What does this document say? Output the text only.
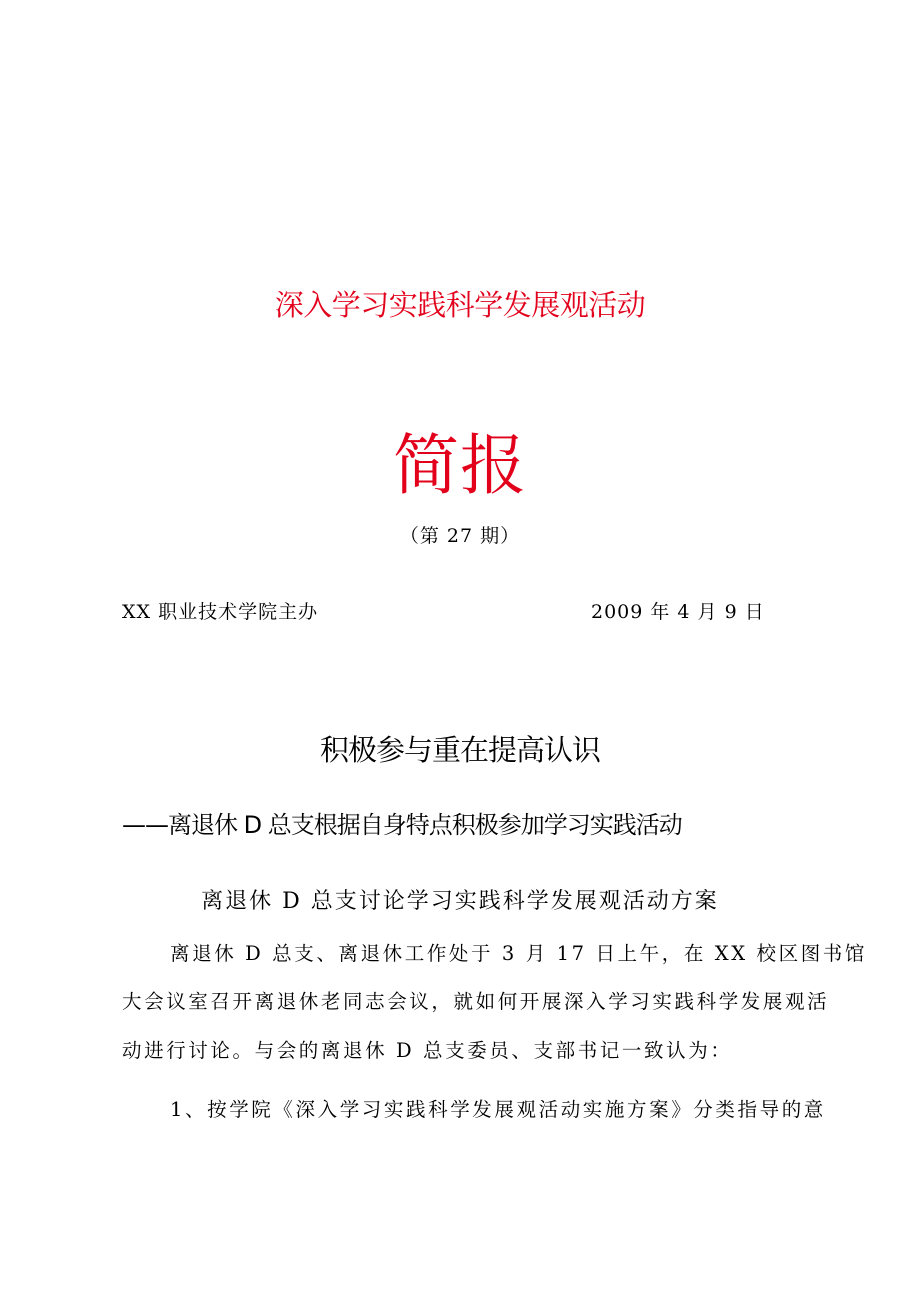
深入学习实践科学发展观活动
简报
（第 27 期）
XX 职业技术学院主办	2009 年 4 月 9 日
积极参与重在提高认识
——离退休 D 总支根据自身特点积极参加学习实践活动
离退休 D 总支讨论学习实践科学发展观活动方案
离退休 D 总支、离退休工作处于 3 月 17 日上午，在 XX 校区图书馆
大会议室召开离退休老同志会议，就如何开展深入学习实践科学发展观活
动进行讨论。与会的离退休 D 总支委员、支部书记一致认为：
1、按学院《深入学习实践科学发展观活动实施方案》分类指导的意
